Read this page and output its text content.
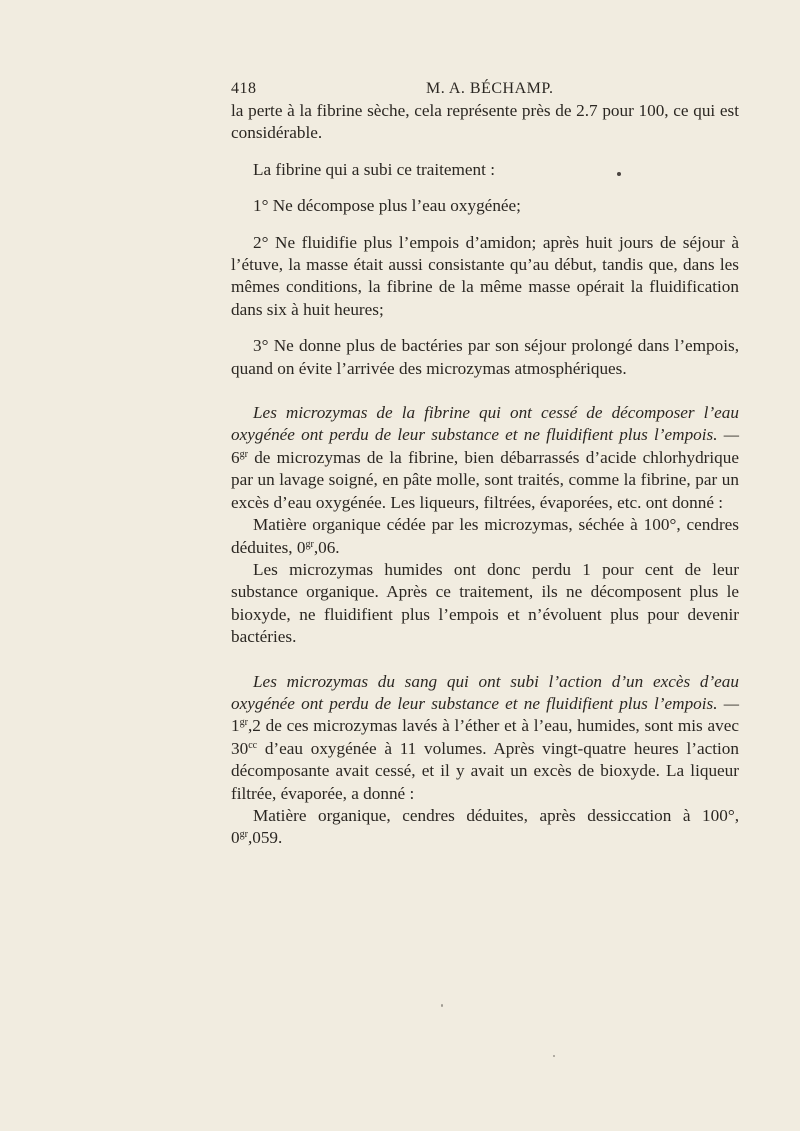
418	M. A. BÉCHAMP.

la perte à la fibrine sèche, cela représente près de 2.7 pour 100, ce qui est considérable.

La fibrine qui a subi ce traitement :

1° Ne décompose plus l’eau oxygénée;

2° Ne fluidifie plus l’empois d’amidon; après huit jours de séjour à l’étuve, la masse était aussi consistante qu’au début, tandis que, dans les mêmes conditions, la fibrine de la même masse opérait la fluidification dans six à huit heures;

3° Ne donne plus de bactéries par son séjour prolongé dans l’empois, quand on évite l’arrivée des microzymas atmosphériques.

Les microzymas de la fibrine qui ont cessé de décomposer l’eau oxygénée ont perdu de leur substance et ne fluidifient plus l’empois. — $6^{gr}$ de microzymas de la fibrine, bien débarrassés d’acide chlorhydrique par un lavage soigné, en pâte molle, sont traités, comme la fibrine, par un excès d’eau oxygénée. Les liqueurs, filtrées, évaporées, etc. ont donné :

Matière organique cédée par les microzymas, séchée à 100°, cendres déduites, $0^{gr},06$.

Les microzymas humides ont donc perdu 1 pour cent de leur substance organique. Après ce traitement, ils ne décomposent plus le bioxyde, ne fluidifient plus l’empois et n’évoluent plus pour devenir bactéries.

Les microzymas du sang qui ont subi l’action d’un excès d’eau oxygénée ont perdu de leur substance et ne fluidifient plus l’empois. — $1^{gr},2$ de ces microzymas lavés à l’éther et à l’eau, humides, sont mis avec $30^{cc}$ d’eau oxygénée à 11 volumes. Après vingt-quatre heures l’action décomposante avait cessé, et il y avait un excès de bioxyde. La liqueur filtrée, évaporée, a donné :

Matière organique, cendres déduites, après dessiccation à 100°, $0^{gr},059$.
